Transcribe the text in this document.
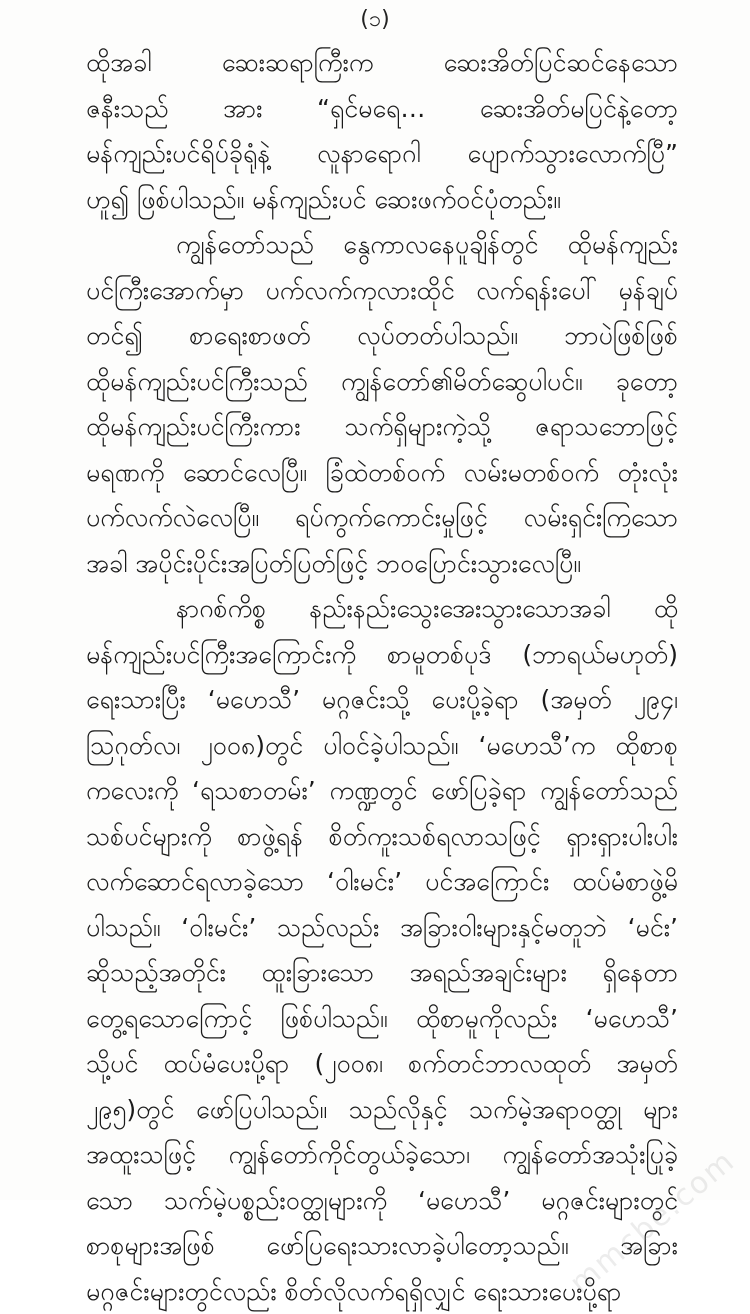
(၁)
ထိုအခါ ဆေးဆရာကြီးက ဆေးအိတ်ပြင်ဆင်နေသော
ဇနီးသည် အား “ရှင်မရေ… ဆေးအိတ်မပြင်နဲ့တော့
မန်ကျည်းပင်ရိပ်ခိုရုံနဲ့ လူနာရောဂါ ပျောက်သွားလောက်ပြီ”
ဟူ၍ ဖြစ်ပါသည်။ မန်ကျည်းပင် ဆေးဖက်ဝင်ပုံတည်း။
ကျွန်တော်သည် နွေကာလနေပူချိန်တွင် ထိုမန်ကျည်း
ပင်ကြီးအောက်မှာ ပက်လက်ကုလားထိုင် လက်ရန်းပေါ် မှန်ချပ်
တင်၍ စာရေးစာဖတ် လုပ်တတ်ပါသည်။ ဘာပဲဖြစ်ဖြစ်
ထိုမန်ကျည်းပင်ကြီးသည် ကျွန်တော်၏မိတ်ဆွေပါပင်။ ခုတော့
ထိုမန်ကျည်းပင်ကြီးကား သက်ရှိများကဲ့သို့ ဇရာသဘောဖြင့်
မရဏကို ဆောင်လေပြီ။ ခြံထဲတစ်ဝက် လမ်းမတစ်ဝက် တုံးလုံး
ပက်လက်လဲလေပြီ။ ရပ်ကွက်ကောင်းမှုဖြင့် လမ်းရှင်းကြသော
အခါ အပိုင်းပိုင်းအပြတ်ပြတ်ဖြင့် ဘဝပြောင်းသွားလေပြီ။
နာဂစ်ကိစ္စ နည်းနည်းသွေးအေးသွားသောအခါ ထို
မန်ကျည်းပင်ကြီးအကြောင်းကို စာမူတစ်ပုဒ် (ဘာရယ်မဟုတ်)
ရေးသားပြီး ‘မဟေသီ’ မဂ္ဂဇင်းသို့ ပေးပို့ခဲ့ရာ (အမှတ် ၂၉၄၊
ဩဂုတ်လ၊ ၂၀၀၈)တွင် ပါဝင်ခဲ့ပါသည်။ ‘မဟေသီ’က ထိုစာစု
ကလေးကို ‘ရသစာတမ်း’ ကဏ္ဍတွင် ဖော်ပြခဲ့ရာ ကျွန်တော်သည်
သစ်ပင်များကို စာဖွဲ့ရန် စိတ်ကူးသစ်ရလာသဖြင့် ရှားရှားပါးပါး
လက်ဆောင်ရလာခဲ့သော ‘ဝါးမင်း’ ပင်အကြောင်း ထပ်မံစာဖွဲ့မိ
ပါသည်။ ‘ဝါးမင်း’ သည်လည်း အခြားဝါးများနှင့်မတူဘဲ ‘မင်း’
ဆိုသည့်အတိုင်း ထူးခြားသော အရည်အချင်းများ ရှိနေတာ
တွေ့ရသောကြောင့် ဖြစ်ပါသည်။ ထိုစာမူကိုလည်း ‘မဟေသီ’
သို့ပင် ထပ်မံပေးပို့ရာ (၂၀၀၈၊ စက်တင်ဘာလထုတ် အမှတ်
၂၉၅)တွင် ဖော်ပြပါသည်။ သည်လိုနှင့် သက်မဲ့အရာဝတ္ထု များ
အထူးသဖြင့် ကျွန်တော်ကိုင်တွယ်ခဲ့သော၊ ကျွန်တော်အသုံးပြုခဲ့
သော သက်မဲ့ပစ္စည်းဝတ္ထုများကို ‘မဟေသီ’ မဂ္ဂဇင်းများတွင်
စာစုများအဖြစ် ဖော်ပြရေးသားလာခဲ့ပါတော့သည်။ အခြား
မဂ္ဂဇင်းများတွင်လည်း စိတ်လိုလက်ရရှိလျှင် ရေးသားပေးပို့ရာ
mmcbe.com
